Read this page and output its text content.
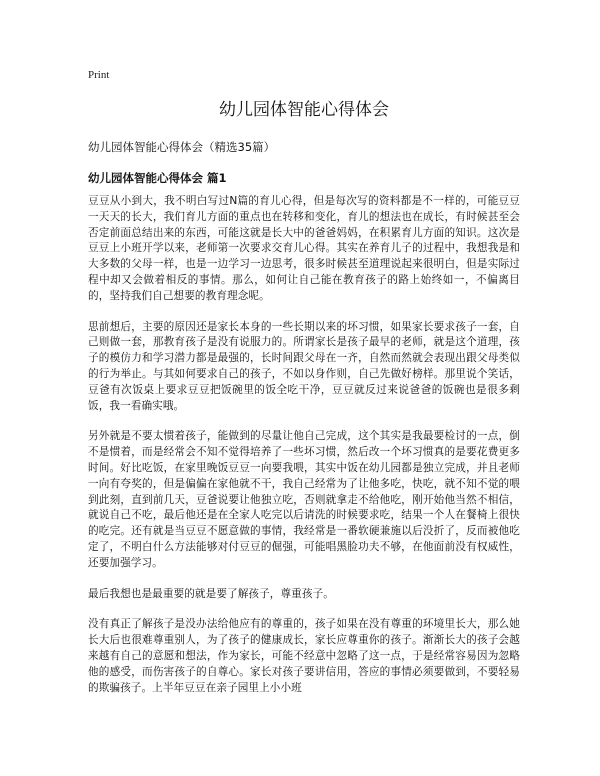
Print
幼儿园体智能心得体会

幼儿园体智能心得体会（精选35篇）

幼儿园体智能心得体会 篇1

豆豆从小到大，我不明白写过N篇的育儿心得，但是每次写的资料都是不一样的，可能豆豆一天天的长大，我们育儿方面的重点也在转移和变化，育儿的想法也在成长，有时候甚至会否定前面总结出来的东西，可能这就是长大中的爸爸妈妈，在积累育儿方面的知识。这次是豆豆上小班开学以来，老师第一次要求交育儿心得。其实在养育儿子的过程中，我想我是和大多数的父母一样，也是一边学习一边思考，很多时候甚至道理说起来很明白，但是实际过程中却又会做着相反的事情。那么，如何让自己能在教育孩子的路上始终如一，不偏离目的，坚持我们自己想要的教育理念呢。

思前想后，主要的原因还是家长本身的一些长期以来的坏习惯，如果家长要求孩子一套，自己则做一套，那教育孩子是没有说服力的。所谓家长是孩子最早的老师，就是这个道理，孩子的模仿力和学习潜力都是最强的，长时间跟父母在一齐，自然而然就会表现出跟父母类似的行为举止。与其如何要求自己的孩子，不如以身作则，自己先做好榜样。那里说个笑话，豆爸有次饭桌上要求豆豆把饭碗里的饭全吃干净，豆豆就反过来说爸爸的饭碗也是很多剩饭，我一看确实哦。

另外就是不要太惯着孩子，能做到的尽量让他自己完成，这个其实是我最要检讨的一点，倒不是惯着，而是经常会不知不觉得培养了一些坏习惯，然后改一个坏习惯真的是要花费更多时间。好比吃饭，在家里晚饭豆豆一向要我喂，其实中饭在幼儿园都是独立完成，并且老师一向有夸奖的，但是偏偏在家他就不干，我自己经常为了让他多吃，快吃，就不知不觉的喂到此刻，直到前几天，豆爸说要让他独立吃，否则就拿走不给他吃，刚开始他当然不相信，就说自己不吃，最后他还是在全家人吃完以后请洗的时候要求吃，结果一个人在餐椅上很快的吃完。还有就是当豆豆不愿意做的事情，我经常是一番软硬兼施以后没折了，反而被他吃定了，不明白什么方法能够对付豆豆的倔强，可能唱黑脸功夫不够，在他面前没有权威性，还要加强学习。

最后我想也是最重要的就是要了解孩子，尊重孩子。

没有真正了解孩子是没办法给他应有的尊重的，孩子如果在没有尊重的环境里长大，那么她长大后也很难尊重别人，为了孩子的健康成长，家长应尊重你的孩子。渐渐长大的孩子会越来越有自己的意愿和想法，作为家长，可能不经意中忽略了这一点，于是经常容易因为忽略他的感受，而伤害孩子的自尊心。家长对孩子要讲信用，答应的事情必须要做到，不要轻易的欺骗孩子。上半年豆豆在亲子园里上小小班
